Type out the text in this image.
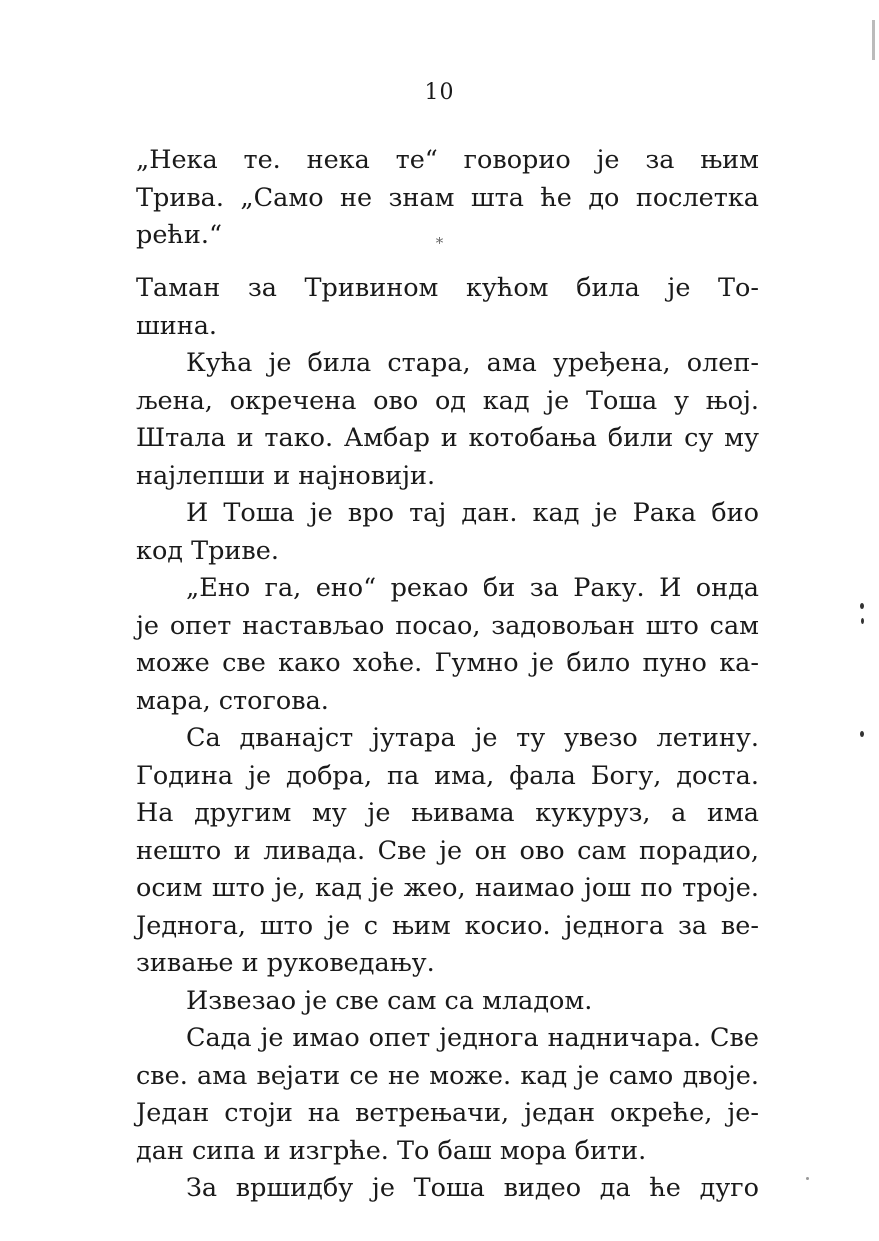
10
„Нека те. нека те“ говорио је за њим
Трива. „Само не знам шта ће до послетка
рећи.“	*
Таман за Тривином кућом била је То-
шина.
Кућа је била стара, ама уређена, олеп-
љена, окречена ово од кад је Тоша у њој.
Штала и тако. Амбар и котобања били су му
најлепши и најновији.
И Тоша је врo тај дан. кад је Рака био
код Триве.
„Ено га, ено“ рекао би за Раку. И онда
је опет настављао посао, задовољан што сам
може све како хоће. Гумно је било пуно ка-
мара, стогова.
Са дванајст јутара је ту увезо летину.
Година је добра, па има, фала Богу, доста.
На другим му је њивама кукуруз, а има
нешто и ливада. Све је он ово сам порадио,
осим што је, кад је жео, наимао још по троје.
Једнога, што је с њим косио. једнога за ве-
зивање и руковедању.
Извезао је све сам са младом.
Сада је имао опет једнога надничара. Све
све. ама вејати се не може. кад је само двоје.
Један стоји на ветрењачи, један окреће, је-
дан сипа и изгрће. То баш мора бити.
За вршидбу је Тоша видео да ће дуго
